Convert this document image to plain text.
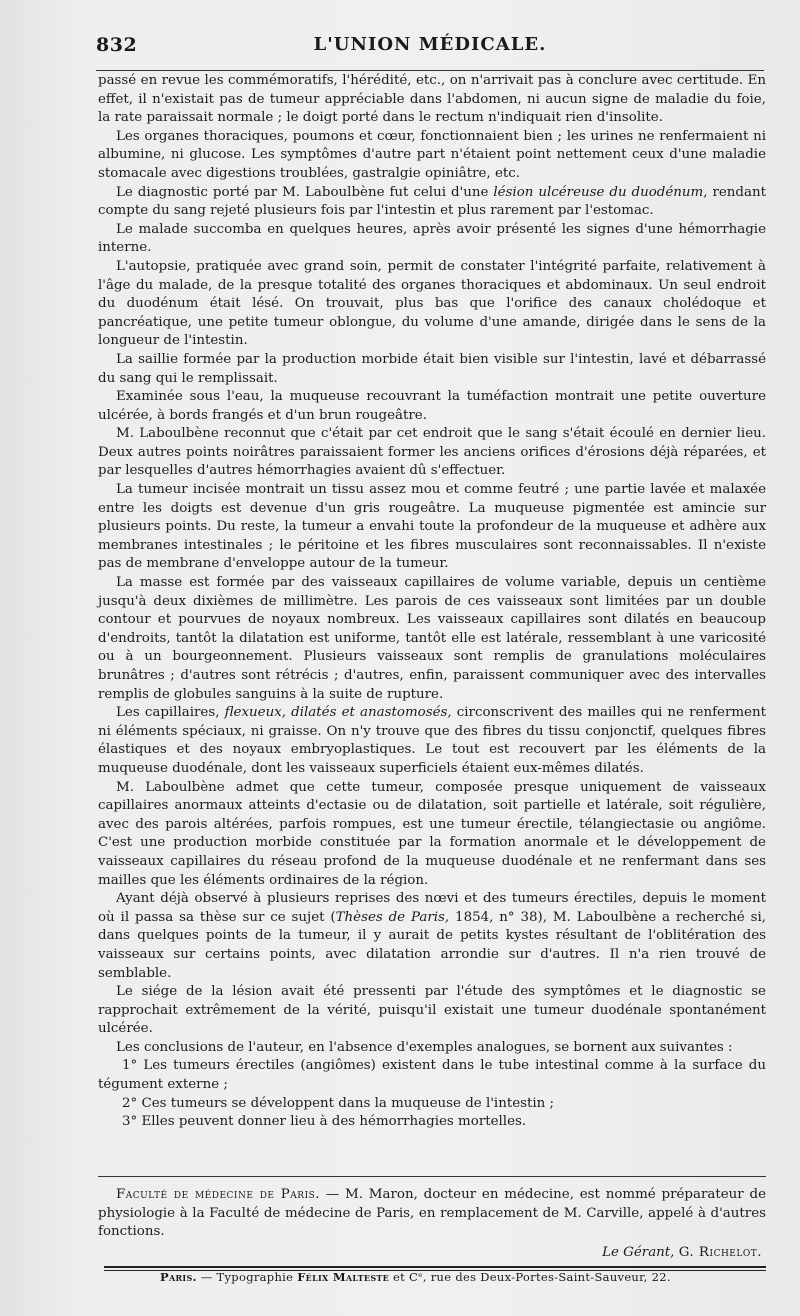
832	L'UNION MÉDICALE.

passé en revue les commémoratifs, l'hérédité, etc., on n'arrivait pas à conclure avec certitude. En effet, il n'existait pas de tumeur appréciable dans l'abdomen, ni aucun signe de maladie du foie, la rate paraissait normale ; le doigt porté dans le rectum n'indiquait rien d'insolite.

Les organes thoraciques, poumons et cœur, fonctionnaient bien ; les urines ne renfermaient ni albumine, ni glucose. Les symptômes d'autre part n'étaient point nettement ceux d'une maladie stomacale avec digestions troublées, gastralgie opiniâtre, etc.

Le diagnostic porté par M. Laboulbène fut celui d'une lésion ulcéreuse du duodénum, rendant compte du sang rejeté plusieurs fois par l'intestin et plus rarement par l'estomac.

Le malade succomba en quelques heures, après avoir présenté les signes d'une hémorrhagie interne.

L'autopsie, pratiquée avec grand soin, permit de constater l'intégrité parfaite, relativement à l'âge du malade, de la presque totalité des organes thoraciques et abdominaux. Un seul endroit du duodénum était lésé. On trouvait, plus bas que l'orifice des canaux cholédoque et pancréatique, une petite tumeur oblongue, du volume d'une amande, dirigée dans le sens de la longueur de l'intestin.

La saillie formée par la production morbide était bien visible sur l'intestin, lavé et débarrassé du sang qui le remplissait.

Examinée sous l'eau, la muqueuse recouvrant la tuméfaction montrait une petite ouverture ulcérée, à bords frangés et d'un brun rougeâtre.

M. Laboulbène reconnut que c'était par cet endroit que le sang s'était écoulé en dernier lieu. Deux autres points noirâtres paraissaient former les anciens orifices d'érosions déjà réparées, et par lesquelles d'autres hémorrhagies avaient dû s'effectuer.

La tumeur incisée montrait un tissu assez mou et comme feutré ; une partie lavée et malaxée entre les doigts est devenue d'un gris rougeâtre. La muqueuse pigmentée est amincie sur plusieurs points. Du reste, la tumeur a envahi toute la profondeur de la muqueuse et adhère aux membranes intestinales ; le péritoine et les fibres musculaires sont reconnaissables. Il n'existe pas de membrane d'enveloppe autour de la tumeur.

La masse est formée par des vaisseaux capillaires de volume variable, depuis un centième jusqu'à deux dixièmes de millimètre. Les parois de ces vaisseaux sont limitées par un double contour et pourvues de noyaux nombreux. Les vaisseaux capillaires sont dilatés en beaucoup d'endroits, tantôt la dilatation est uniforme, tantôt elle est latérale, ressemblant à une varicosité ou à un bourgeonnement. Plusieurs vaisseaux sont remplis de granulations moléculaires brunâtres ; d'autres sont rétrécis ; d'autres, enfin, paraissent communiquer avec des intervalles remplis de globules sanguins à la suite de rupture.

Les capillaires, flexueux, dilatés et anastomosés, circonscrivent des mailles qui ne renferment ni éléments spéciaux, ni graisse. On n'y trouve que des fibres du tissu conjonctif, quelques fibres élastiques et des noyaux embryoplastiques. Le tout est recouvert par les éléments de la muqueuse duodénale, dont les vaisseaux superficiels étaient eux-mêmes dilatés.

M. Laboulbène admet que cette tumeur, composée presque uniquement de vaisseaux capillaires anormaux atteints d'ectasie ou de dilatation, soit partielle et latérale, soit régulière, avec des parois altérées, parfois rompues, est une tumeur érectile, télangiectasie ou angiôme. C'est une production morbide constituée par la formation anormale et le développement de vaisseaux capillaires du réseau profond de la muqueuse duodénale et ne renfermant dans ses mailles que les éléments ordinaires de la région.

Ayant déjà observé à plusieurs reprises des nœvi et des tumeurs érectiles, depuis le moment où il passa sa thèse sur ce sujet (Thèses de Paris, 1854, n° 38), M. Laboulbène a recherché si, dans quelques points de la tumeur, il y aurait de petits kystes résultant de l'oblitération des vaisseaux sur certains points, avec dilatation arrondie sur d'autres. Il n'a rien trouvé de semblable.

Le siége de la lésion avait été pressenti par l'étude des symptômes et le diagnostic se rapprochait extrêmement de la vérité, puisqu'il existait une tumeur duodénale spontanément ulcérée.

Les conclusions de l'auteur, en l'absence d'exemples analogues, se bornent aux suivantes :

1° Les tumeurs érectiles (angiômes) existent dans le tube intestinal comme à la surface du tégument externe ;

2° Ces tumeurs se développent dans la muqueuse de l'intestin ;

3° Elles peuvent donner lieu à des hémorrhagies mortelles.

Faculté de médecine de Paris. — M. Maron, docteur en médecine, est nommé préparateur de physiologie à la Faculté de médecine de Paris, en remplacement de M. Carville, appelé à d'autres fonctions.
Le Gérant, G. Richelot.
Paris. — Typographie Félix Malteste et Cᵉ, rue des Deux-Portes-Saint-Sauveur, 22.
